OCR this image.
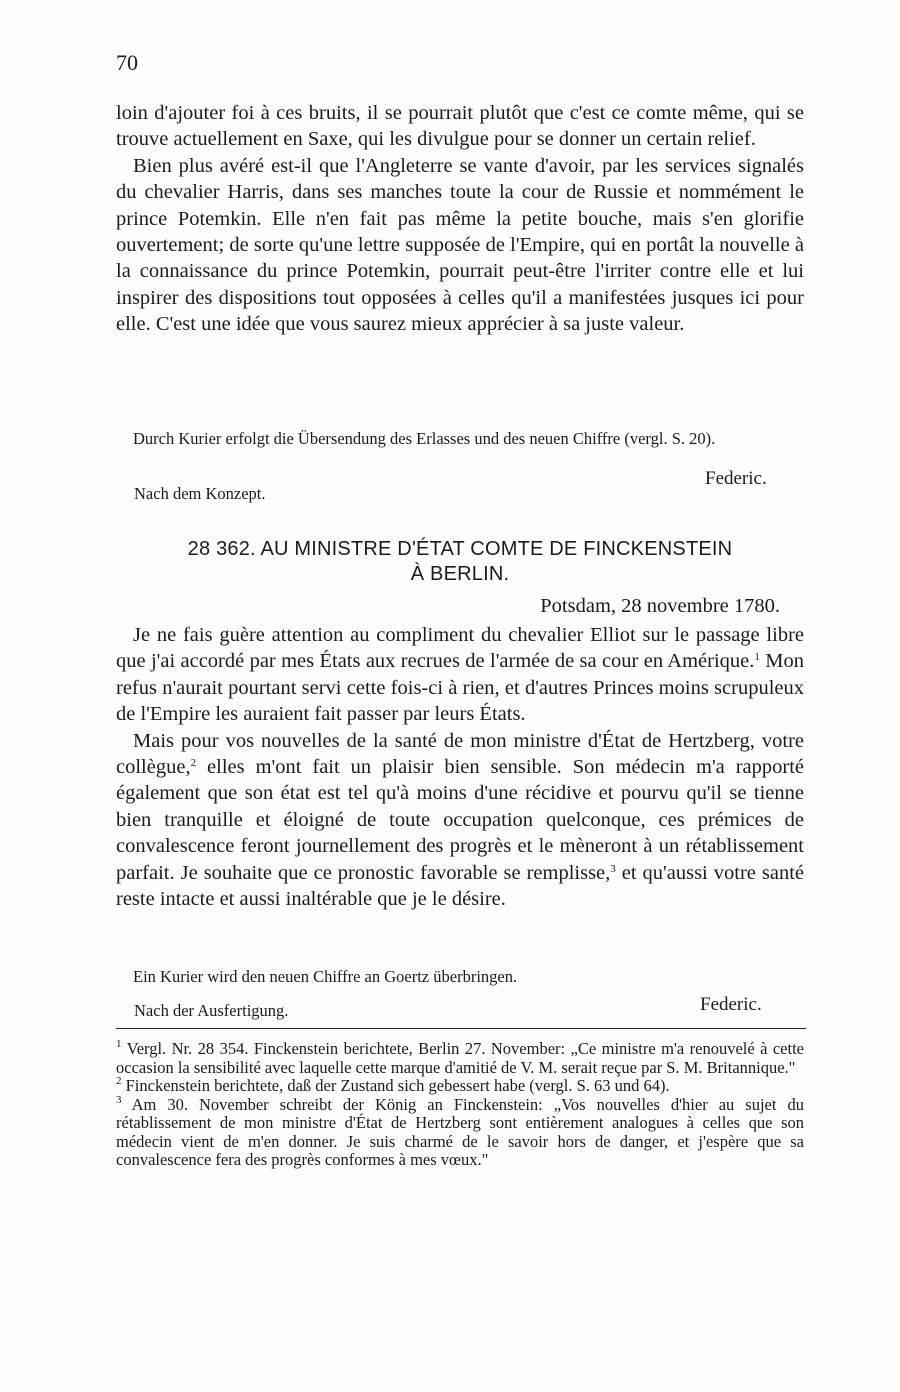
70

loin d'ajouter foi à ces bruits, il se pourrait plutôt que c'est ce comte même, qui se trouve actuellement en Saxe, qui les divulgue pour se donner un certain relief.

Bien plus avéré est-il que l'Angleterre se vante d'avoir, par les services signalés du chevalier Harris, dans ses manches toute la cour de Russie et nommément le prince Potemkin. Elle n'en fait pas même la petite bouche, mais s'en glorifie ouvertement; de sorte qu'une lettre supposée de l'Empire, qui en portât la nouvelle à la connaissance du prince Potemkin, pourrait peut-être l'irriter contre elle et lui inspirer des dispositions tout opposées à celles qu'il a manifestées jusques ici pour elle. C'est une idée que vous saurez mieux apprécier à sa juste valeur.

Durch Kurier erfolgt die Übersendung des Erlasses und des neuen Chiffre (vergl. S. 20).

Federic.
Nach dem Konzept.
28 362. AU MINISTRE D'ÉTAT COMTE DE FINCKENSTEIN
À BERLIN.
Potsdam, 28 novembre 1780.

Je ne fais guère attention au compliment du chevalier Elliot sur le passage libre que j'ai accordé par mes États aux recrues de l'armée de sa cour en Amérique.$^1$ Mon refus n'aurait pourtant servi cette fois-ci à rien, et d'autres Princes moins scrupuleux de l'Empire les auraient fait passer par leurs États.

Mais pour vos nouvelles de la santé de mon ministre d'État de Hertzberg, votre collègue,$^2$ elles m'ont fait un plaisir bien sensible. Son médecin m'a rapporté également que son état est tel qu'à moins d'une récidive et pourvu qu'il se tienne bien tranquille et éloigné de toute occupation quelconque, ces prémices de convalescence feront journellement des progrès et le mèneront à un rétablissement parfait. Je souhaite que ce pronostic favorable se remplisse,$^3$ et qu'aussi votre santé reste intacte et aussi inaltérable que je le désire.

Ein Kurier wird den neuen Chiffre an Goertz überbringen.

Nach der Ausfertigung.	Federic.

$^1$ Vergl. Nr. 28 354. Finckenstein berichtete, Berlin 27. November: „Ce ministre m'a renouvelé à cette occasion la sensibilité avec laquelle cette marque d'amitié de V. M. serait reçue par S. M. Britannique."

$^2$ Finckenstein berichtete, daß der Zustand sich gebessert habe (vergl. S. 63 und 64).

$^3$ Am 30. November schreibt der König an Finckenstein: „Vos nouvelles d'hier au sujet du rétablissement de mon ministre d'État de Hertzberg sont entièrement analogues à celles que son médecin vient de m'en donner. Je suis charmé de le savoir hors de danger, et j'espère que sa convalescence fera des progrès conformes à mes vœux."
